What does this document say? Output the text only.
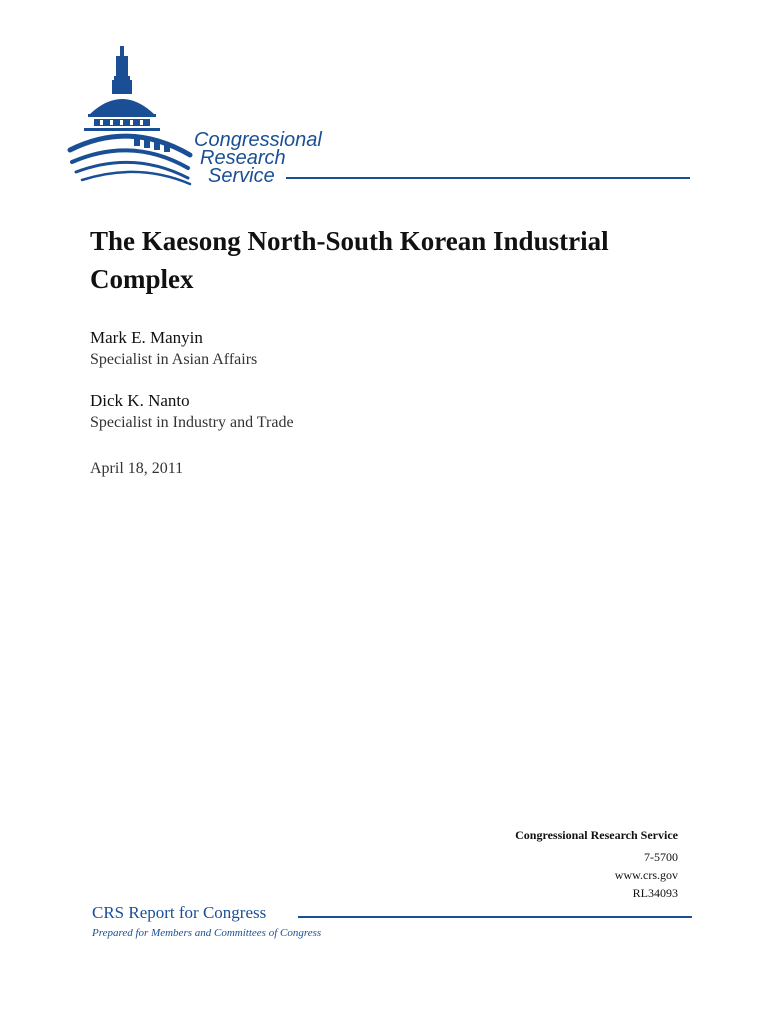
Congressional
Research
Service
The Kaesong North-South Korean Industrial Complex
Mark E. Manyin
Specialist in Asian Affairs
Dick K. Nanto
Specialist in Industry and Trade
April 18, 2011
Congressional Research Service
7-5700
www.crs.gov
RL34093
CRS Report for Congress
Prepared for Members and Committees of Congress
